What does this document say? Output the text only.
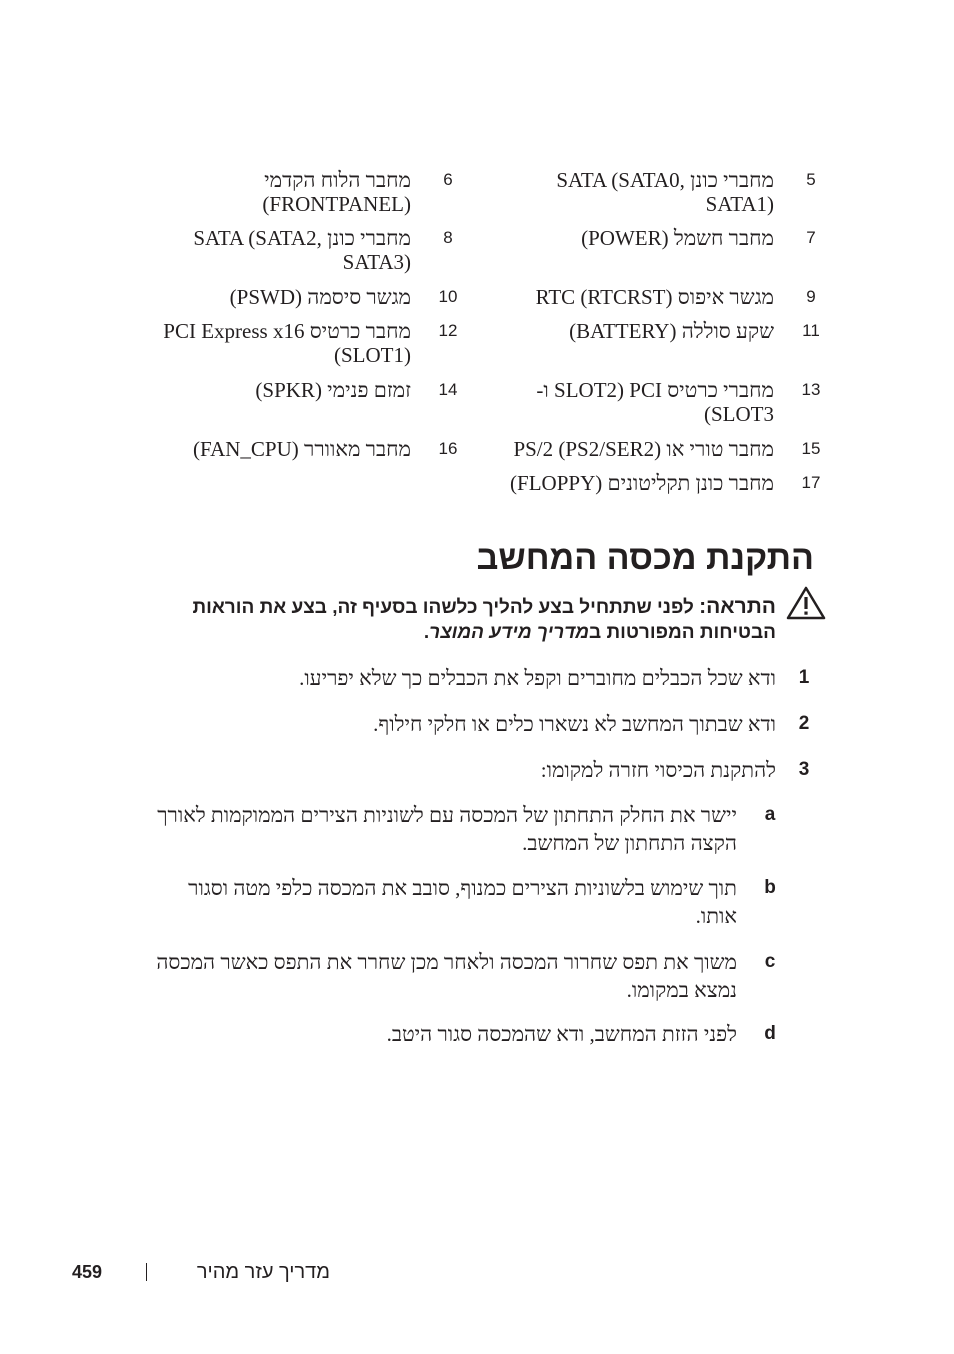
5
מחברי כונן SATA (SATA0, SATA1)
7
מחבר חשמל (POWER)
9
מגשר איפוס RTC (RTCRST)
11
שקע סוללה (BATTERY)
13
מחברי כרטיס PCI (SLOT2 ו-SLOT3)
15
מחבר טורי או PS/2 (PS2/SER2)
17
מחבר כונן תקליטונים (FLOPPY)
6
מחבר הלוח הקדמי (FRONTPANEL)
8
מחברי כונן SATA (SATA2, SATA3)
10
מגשר סיסמה (PSWD)
12
מחבר כרטיס PCI Express x16 (SLOT1)
14
זמזם פנימי (SPKR)
16
מחבר מאוורר (FAN_CPU)
התקנת מכסה המחשב
התראה: לפני שתתחיל בצע להליך כלשהו בסעיף זה, בצע את הוראות הבטיחות המפורטות במדריך מידע המוצר.
1
ודא שכל הכבלים מחוברים וקפל את הכבלים כך שלא יפריעו.
2
ודא שבתוך המחשב לא נשארו כלים או חלקי חילוף.
3
להתקנת הכיסוי חזרה למקומו:
a
יישר את החלק התחתון של המכסה עם לשוניות הצירים הממוקמות לאורך
הקצה התחתון של המחשב.
b
תוך שימוש בלשוניות הצירים כמנוף, סובב את המכסה כלפי מטה וסגור
אותו.
c
משוך את תפס שחרור המכסה ולאחר מכן שחרר את התפס כאשר המכסה
נמצא במקומו.
d
לפני הזזת המחשב, ודא שהמכסה סגור היטב.
459	מדריך עזר מהיר
